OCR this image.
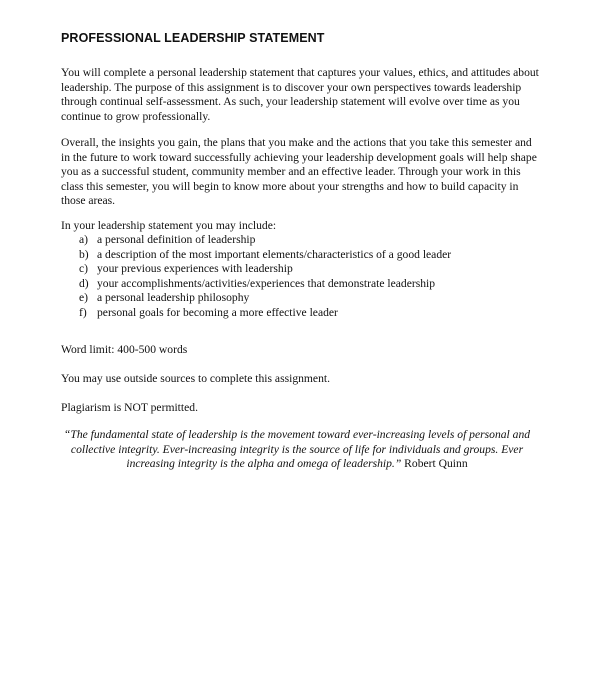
PROFESSIONAL LEADERSHIP STATEMENT

You will complete a personal leadership statement that captures your values, ethics, and attitudes about leadership. The purpose of this assignment is to discover your own perspectives towards leadership through continual self-assessment. As such, your leadership statement will evolve over time as you continue to grow professionally.

Overall, the insights you gain, the plans that you make and the actions that you take this semester and in the future to work toward successfully achieving your leadership development goals will help shape you as a successful student, community member and an effective leader. Through your work in this class this semester, you will begin to know more about your strengths and how to build capacity in those areas.

In your leadership statement you may include:

a) a personal definition of leadership
b) a description of the most important elements/characteristics of a good leader
c) your previous experiences with leadership
d) your accomplishments/activities/experiences that demonstrate leadership
e) a personal leadership philosophy
f) personal goals for becoming a more effective leader

Word limit: 400-500 words

You may use outside sources to complete this assignment.

Plagiarism is NOT permitted.

“The fundamental state of leadership is the movement toward ever-increasing levels of personal and collective integrity. Ever-increasing integrity is the source of life for individuals and groups. Ever increasing integrity is the alpha and omega of leadership.” Robert Quinn
